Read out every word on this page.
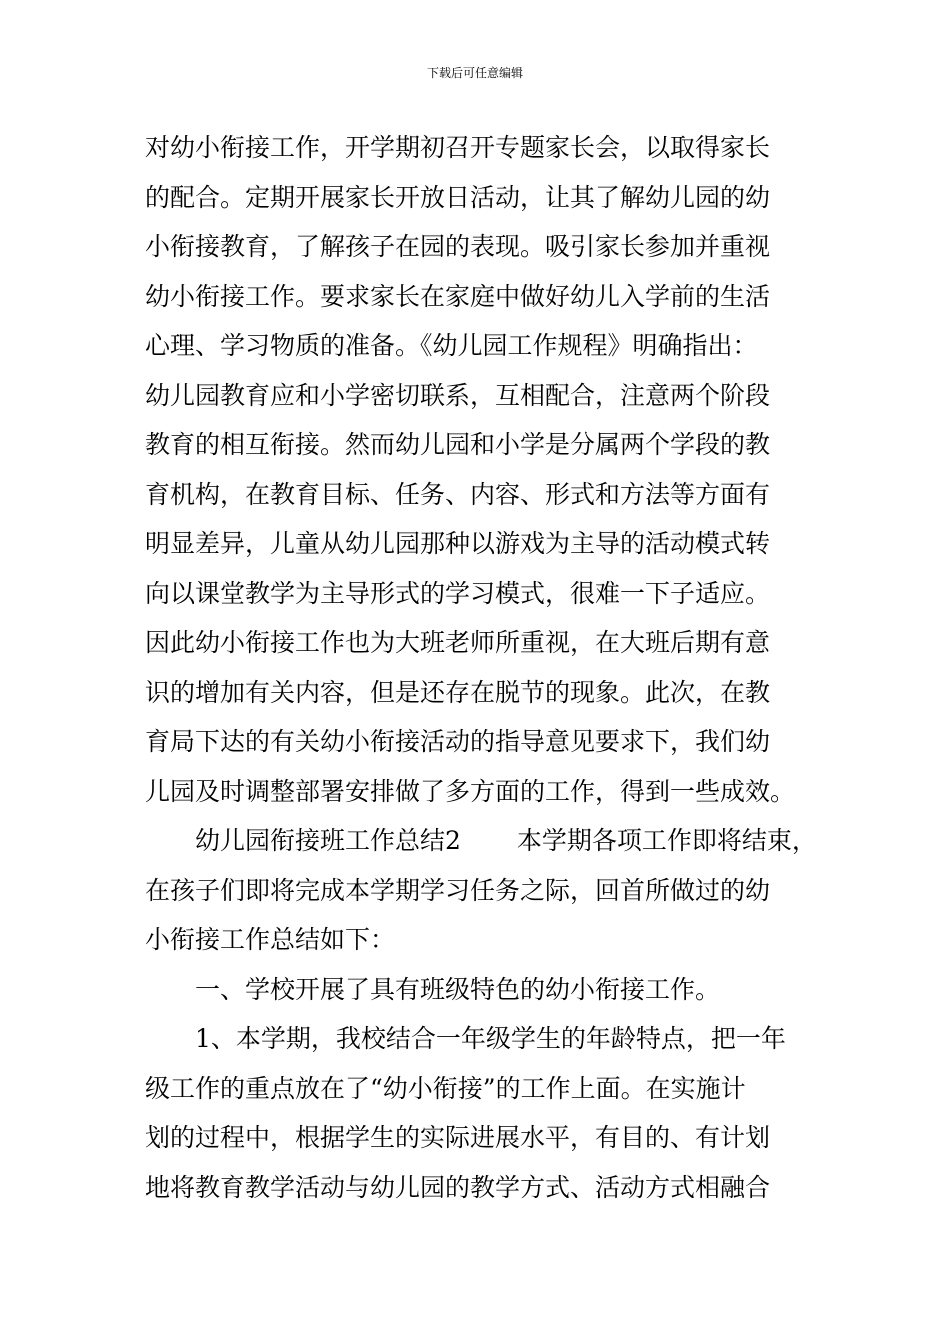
下载后可任意编辑
对幼小衔接工作，开学期初召开专题家长会，以取得家长
的配合。定期开展家长开放日活动，让其了解幼儿园的幼
小衔接教育，了解孩子在园的表现。吸引家长参加并重视
幼小衔接工作。要求家长在家庭中做好幼儿入学前的生活
心理、学习物质的准备。《幼儿园工作规程》明确指出：
幼儿园教育应和小学密切联系，互相配合，注意两个阶段
教育的相互衔接。然而幼儿园和小学是分属两个学段的教
育机构，在教育目标、任务、内容、形式和方法等方面有
明显差异，儿童从幼儿园那种以游戏为主导的活动模式转
向以课堂教学为主导形式的学习模式，很难一下子适应。
因此幼小衔接工作也为大班老师所重视，在大班后期有意
识的增加有关内容，但是还存在脱节的现象。此次，在教
育局下达的有关幼小衔接活动的指导意见要求下，我们幼
儿园及时调整部署安排做了多方面的工作，得到一些成效。
幼儿园衔接班工作总结2 本学期各项工作即将结束，
在孩子们即将完成本学期学习任务之际，回首所做过的幼
小衔接工作总结如下：
一、学校开展了具有班级特色的幼小衔接工作。
1、本学期，我校结合一年级学生的年龄特点，把一年
级工作的重点放在了“幼小衔接”的工作上面。在实施计
划的过程中，根据学生的实际进展水平，有目的、有计划
地将教育教学活动与幼儿园的教学方式、活动方式相融合
